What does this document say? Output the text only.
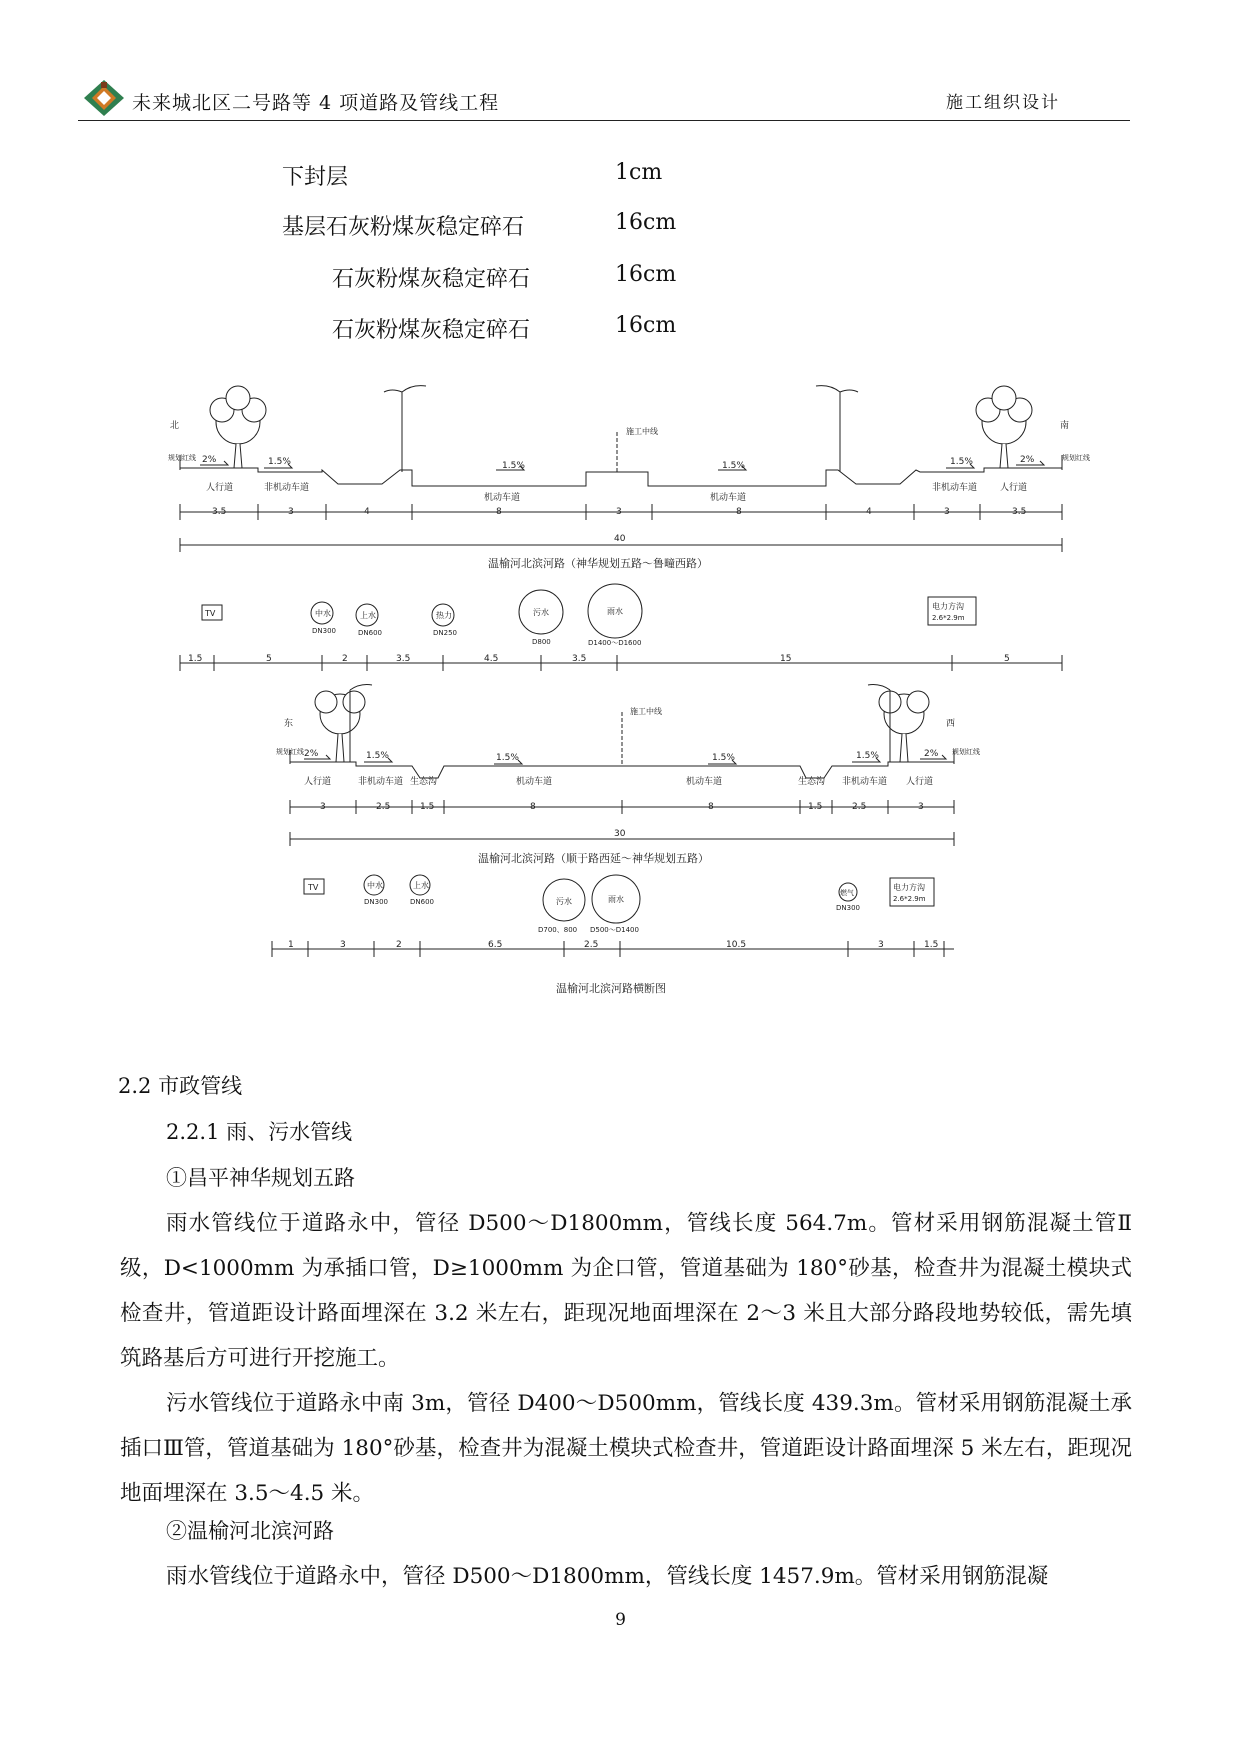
未来城北区二号路等 4 项道路及管线工程	施工组织设计
下封层	1cm
基层石灰粉煤灰稳定碎石	16cm
石灰粉煤灰稳定碎石	16cm
石灰粉煤灰稳定碎石	16cm
北	南
施工中线
规划红线	规划红线
2%	1.5%	1.5%	1.5%	1.5%	2%
人行道	非机动车道
机动车道	机动车道
非机动车道	人行道
3.5	3	4	8	3	8	4	3	3.5
40
温榆河北滨河路（神华规划五路～鲁疃西路）
TV	中水
DN300
上水
DN600
热力
DN250
污水
D800
雨水
D1400～D1600
电力方沟
2.6*2.9m
1.5	5	2	3.5	4.5	3.5	15	5
东	西
施工中线
规划红线	规划红线
2%	1.5%	1.5%	1.5%	1.5%	2%
人行道	非机动车道 生态沟	机动车道	机动车道	生态沟 非机动车道 人行道
3	2.5	1.5	8	8	1.5	2.5	3
30
温榆河北滨河路（顺于路西延～神华规划五路）
TV	中水
DN300
上水
DN600	污水
D700、800
雨水
D500～D1400
燃气
DN300
电力方沟
2.6*2.9m
1	3	2	6.5	2.5	10.5	3	1.5
温榆河北滨河路横断图
2.2 市政管线
2.2.1 雨、污水管线
①昌平神华规划五路
雨水管线位于道路永中，管径 D500～D1800mm，管线长度 564.7m。管材采用钢筋混凝土管Ⅱ级，D<1000mm 为承插口管，D≥1000mm 为企口管，管道基础为 180°砂基，检查井为混凝土模块式检查井，管道距设计路面埋深在 3.2 米左右，距现况地面埋深在 2～3 米且大部分路段地势较低，需先填筑路基后方可进行开挖施工。
污水管线位于道路永中南 3m，管径 D400～D500mm，管线长度 439.3m。管材采用钢筋混凝土承插口Ⅲ管，管道基础为 180°砂基，检查井为混凝土模块式检查井，管道距设计路面埋深 5 米左右，距现况地面埋深在 3.5～4.5 米。
②温榆河北滨河路
雨水管线位于道路永中，管径 D500～D1800mm，管线长度 1457.9m。管材采用钢筋混凝
9
